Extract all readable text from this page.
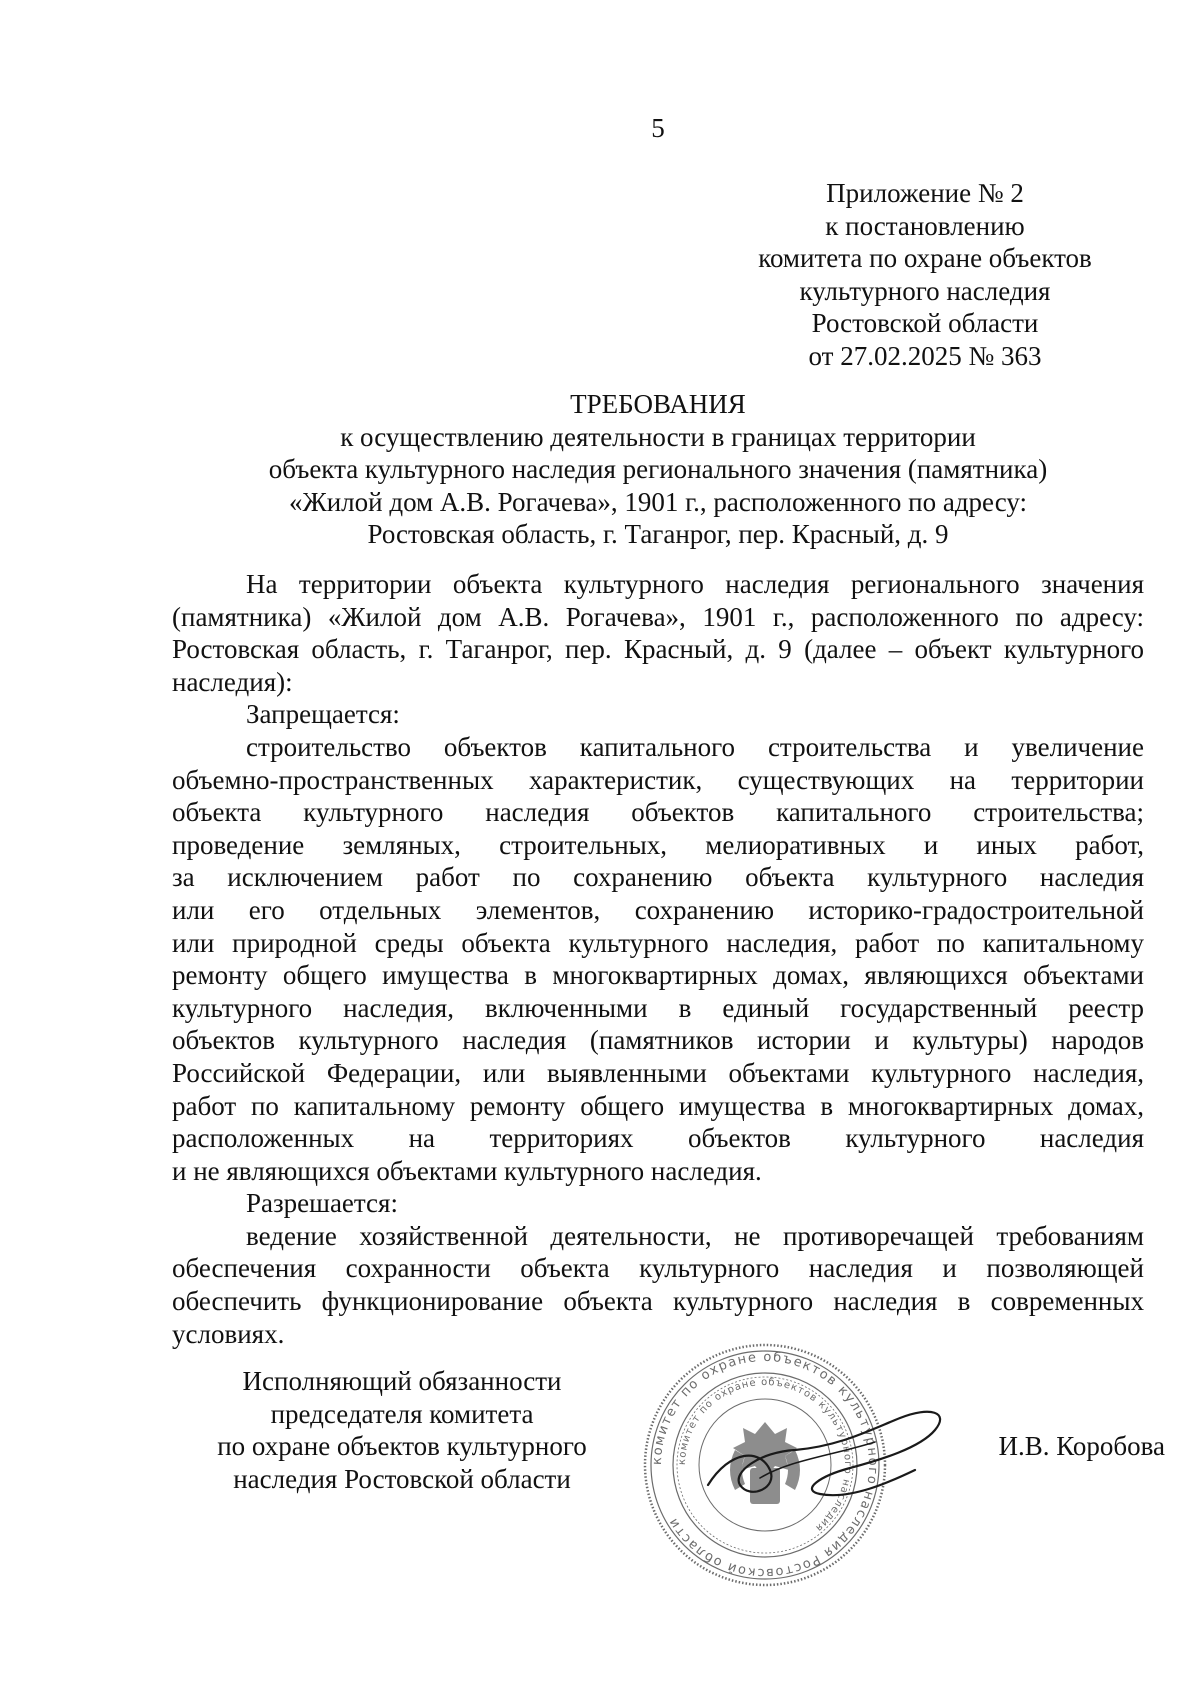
5
Приложение № 2
к постановлению
комитета по охране объектов
культурного наследия
Ростовской области
от 27.02.2025 № 363
ТРЕБОВАНИЯ
к осуществлению деятельности в границах территории
объекта культурного наследия регионального значения (памятника)
«Жилой дом А.В. Рогачева», 1901 г., расположенного по адресу:
Ростовская область, г. Таганрог, пер. Красный, д. 9
На территории объекта культурного наследия регионального значения
(памятника) «Жилой дом А.В. Рогачева», 1901 г., расположенного по адресу:
Ростовская область, г. Таганрог, пер. Красный, д. 9 (далее – объект культурного
наследия):
Запрещается:
строительство объектов капитального строительства и увеличение
объемно-пространственных характеристик, существующих на территории
объекта культурного наследия объектов капитального строительства;
проведение земляных, строительных, мелиоративных и иных работ,
за исключением работ по сохранению объекта культурного наследия
или его отдельных элементов, сохранению историко-градостроительной
или природной среды объекта культурного наследия, работ по капитальному
ремонту общего имущества в многоквартирных домах, являющихся объектами
культурного наследия, включенными в единый государственный реестр
объектов культурного наследия (памятников истории и культуры) народов
Российской Федерации, или выявленными объектами культурного наследия,
работ по капитальному ремонту общего имущества в многоквартирных домах,
расположенных на территориях объектов культурного наследия
и не являющихся объектами культурного наследия.
Разрешается:
ведение хозяйственной деятельности, не противоречащей требованиям
обеспечения сохранности объекта культурного наследия и позволяющей
обеспечить функционирование объекта культурного наследия в современных
условиях.
Исполняющий обязанности
председателя комитета
по охране объектов культурного
наследия Ростовской области
комитет по охране объектов культурного наследия Ростовской области
комитет по охране объектов культурного наследия
И.В. Коробова
